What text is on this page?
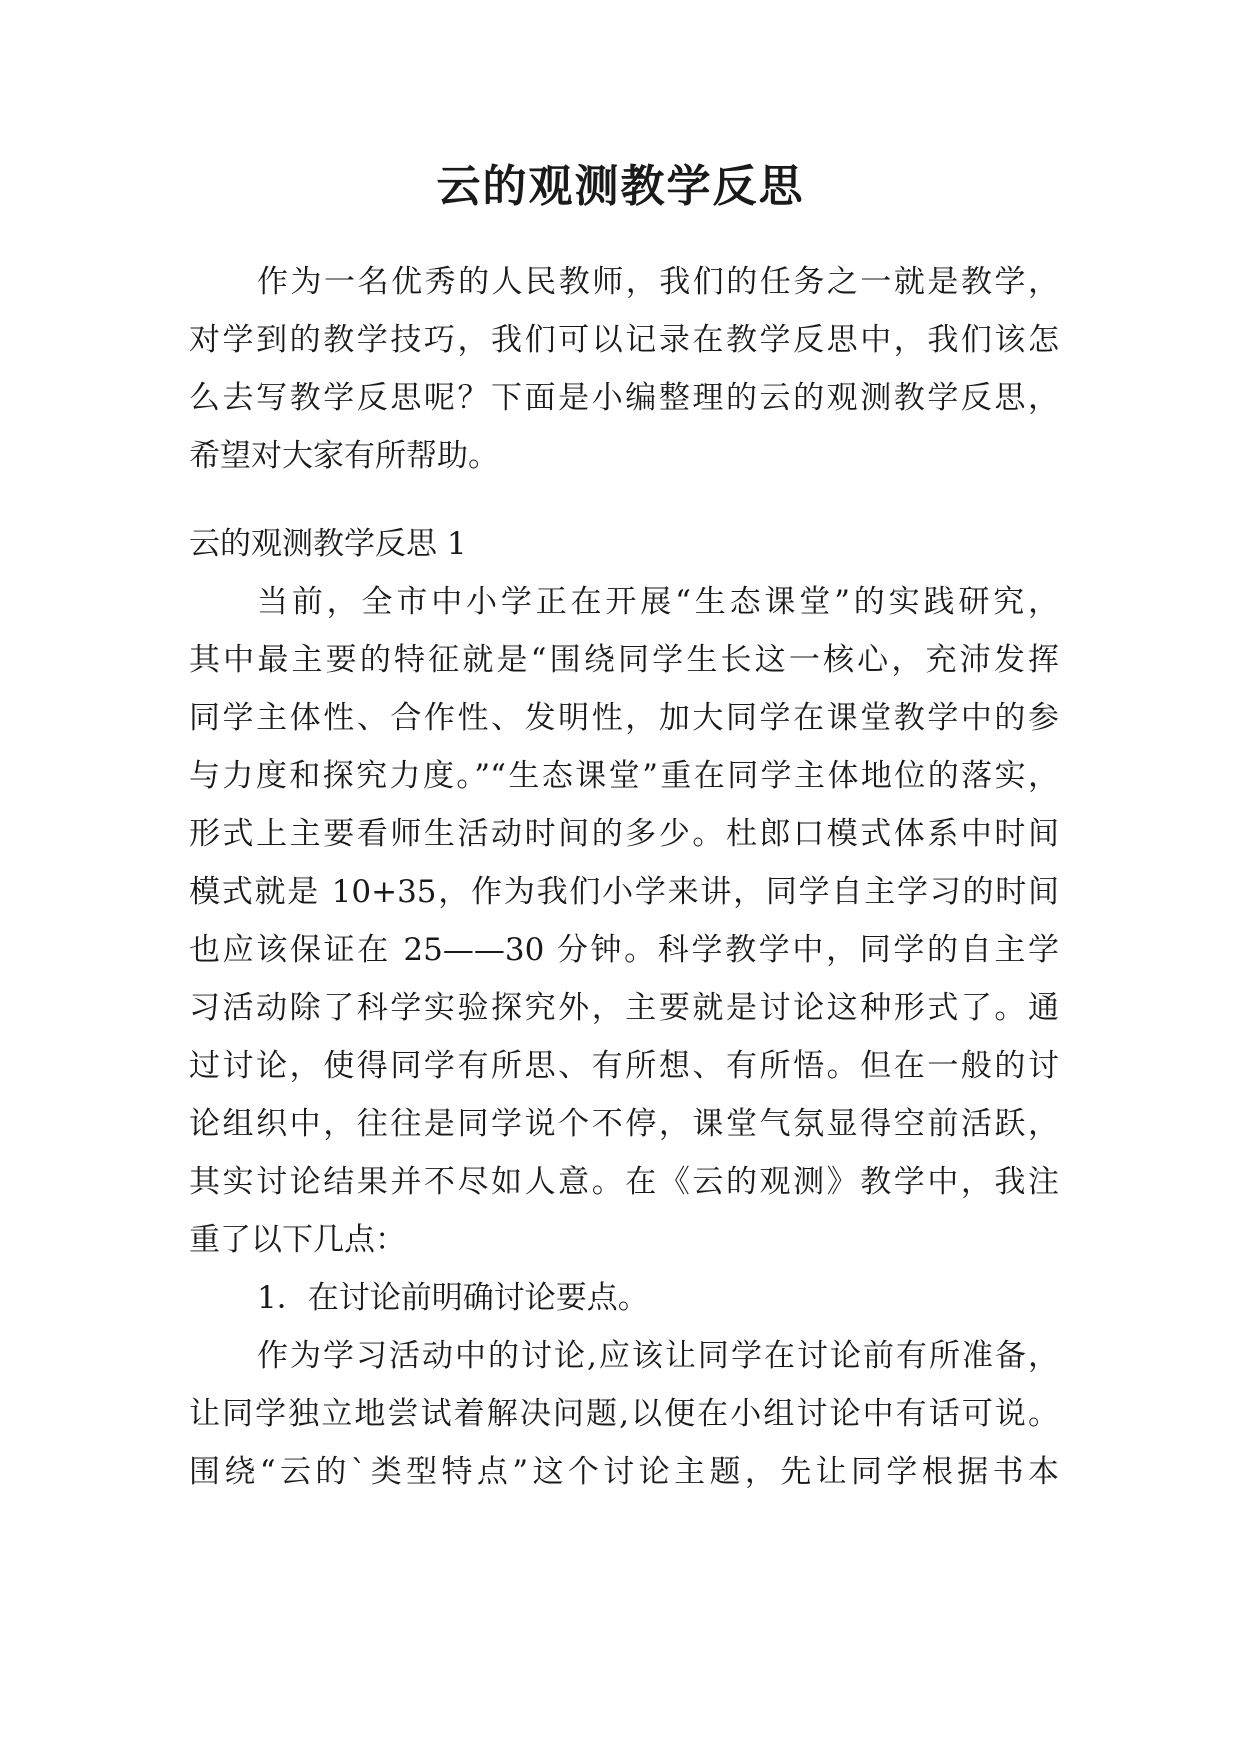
云的观测教学反思

作为一名优秀的人民教师，我们的任务之一就是教学，

对学到的教学技巧，我们可以记录在教学反思中，我们该怎

么去写教学反思呢？下面是小编整理的云的观测教学反思，

希望对大家有所帮助。

云的观测教学反思 1

当前，全市中小学正在开展“生态课堂”的实践研究，

其中最主要的特征就是“围绕同学生长这一核心，充沛发挥

同学主体性、合作性、发明性，加大同学在课堂教学中的参

与力度和探究力度。”“生态课堂”重在同学主体地位的落实，

形式上主要看师生活动时间的多少。杜郎口模式体系中时间

模式就是 10+35，作为我们小学来讲，同学自主学习的时间

也应该保证在 25——30 分钟。科学教学中，同学的自主学

习活动除了科学实验探究外，主要就是讨论这种形式了。通

过讨论，使得同学有所思、有所想、有所悟。但在一般的讨

论组织中，往往是同学说个不停，课堂气氛显得空前活跃，

其实讨论结果并不尽如人意。在《云的观测》教学中，我注

重了以下几点：

1．在讨论前明确讨论要点。

作为学习活动中的讨论,应该让同学在讨论前有所准备，

让同学独立地尝试着解决问题,以便在小组讨论中有话可说。

围绕“云的`类型特点”这个讨论主题，先让同学根据书本
